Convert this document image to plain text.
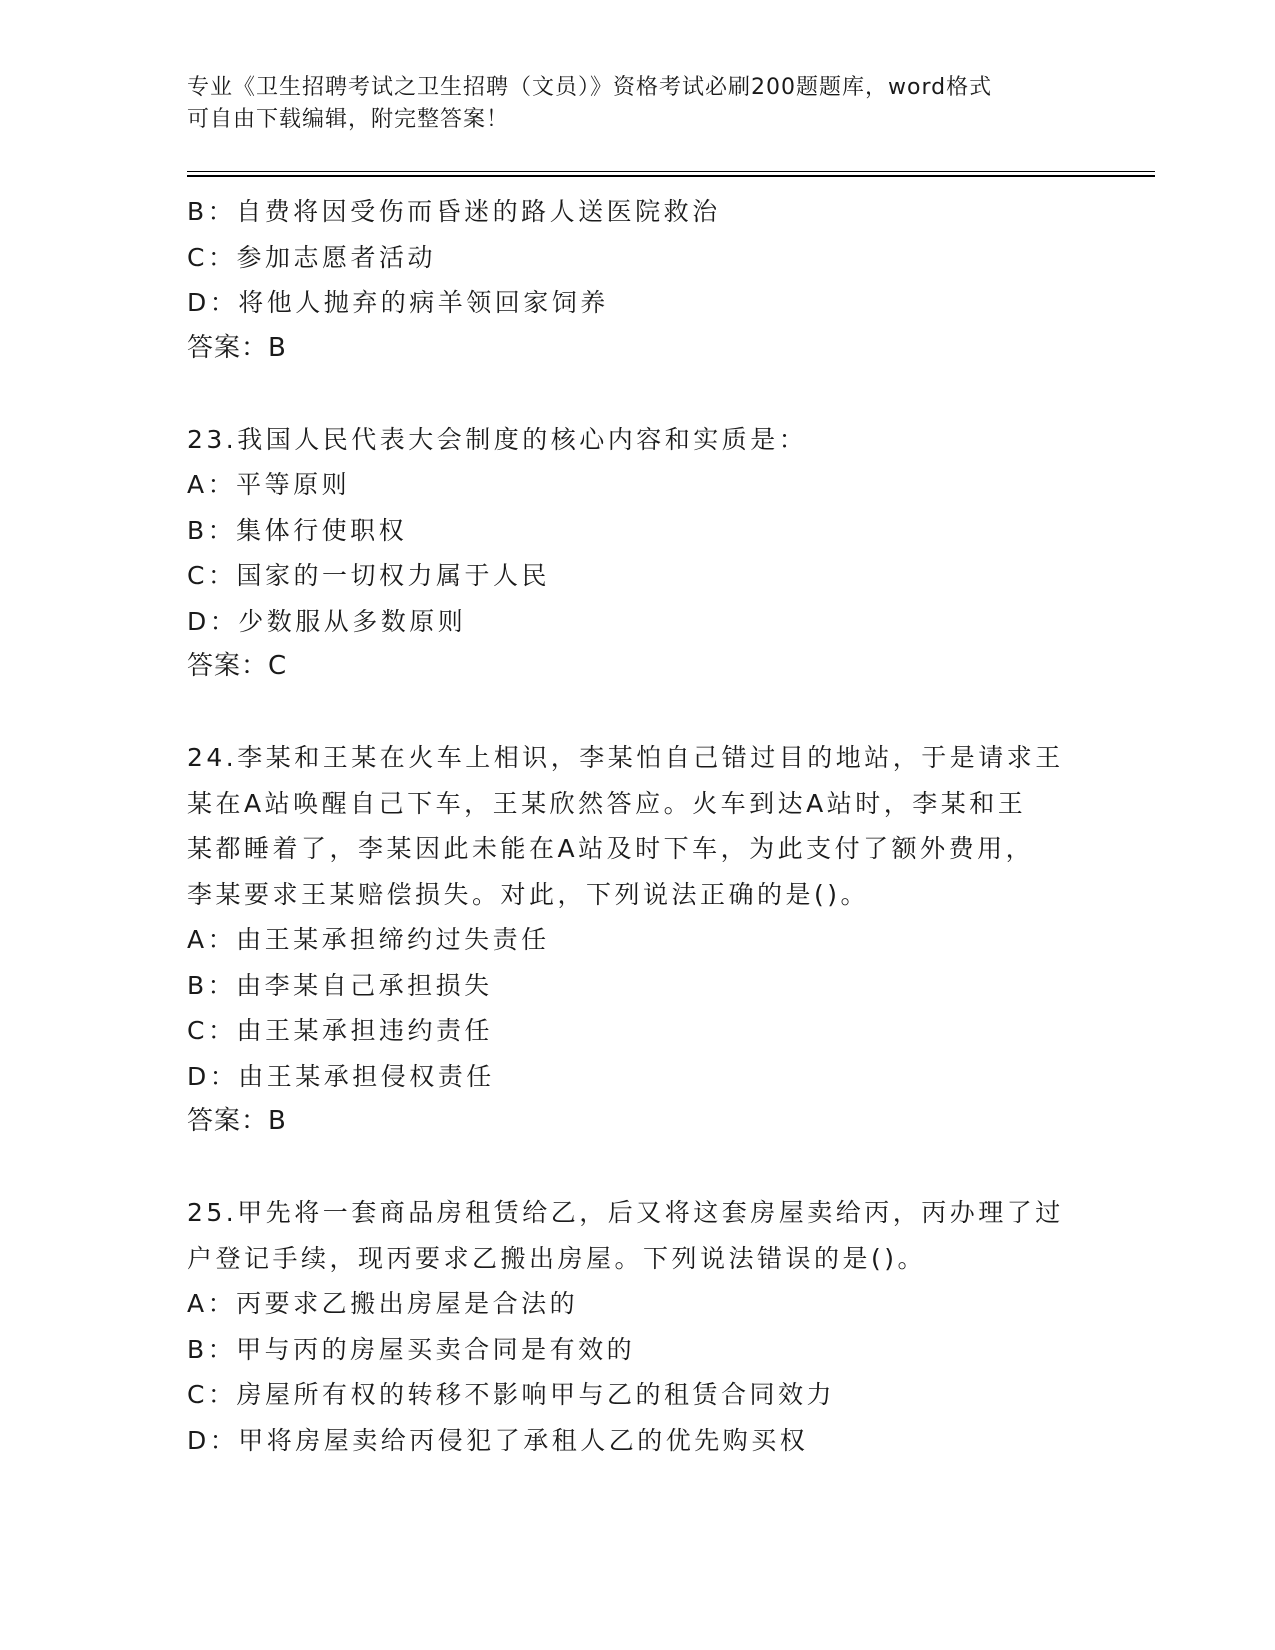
专业《卫生招聘考试之卫生招聘（文员）》资格考试必刷200题题库，word格式
可自由下载编辑，附完整答案！
B：自费将因受伤而昏迷的路人送医院救治
C：参加志愿者活动
D：将他人抛弃的病羊领回家饲养
答案：B
23.我国人民代表大会制度的核心内容和实质是：
A：平等原则
B：集体行使职权
C：国家的一切权力属于人民
D：少数服从多数原则
答案：C
24.李某和王某在火车上相识，李某怕自己错过目的地站，于是请求王
某在A站唤醒自己下车，王某欣然答应。火车到达A站时，李某和王
某都睡着了，李某因此未能在A站及时下车，为此支付了额外费用，
李某要求王某赔偿损失。对此，下列说法正确的是()。
A：由王某承担缔约过失责任
B：由李某自己承担损失
C：由王某承担违约责任
D：由王某承担侵权责任
答案：B
25.甲先将一套商品房租赁给乙，后又将这套房屋卖给丙，丙办理了过
户登记手续，现丙要求乙搬出房屋。下列说法错误的是()。
A：丙要求乙搬出房屋是合法的
B：甲与丙的房屋买卖合同是有效的
C：房屋所有权的转移不影响甲与乙的租赁合同效力
D：甲将房屋卖给丙侵犯了承租人乙的优先购买权
